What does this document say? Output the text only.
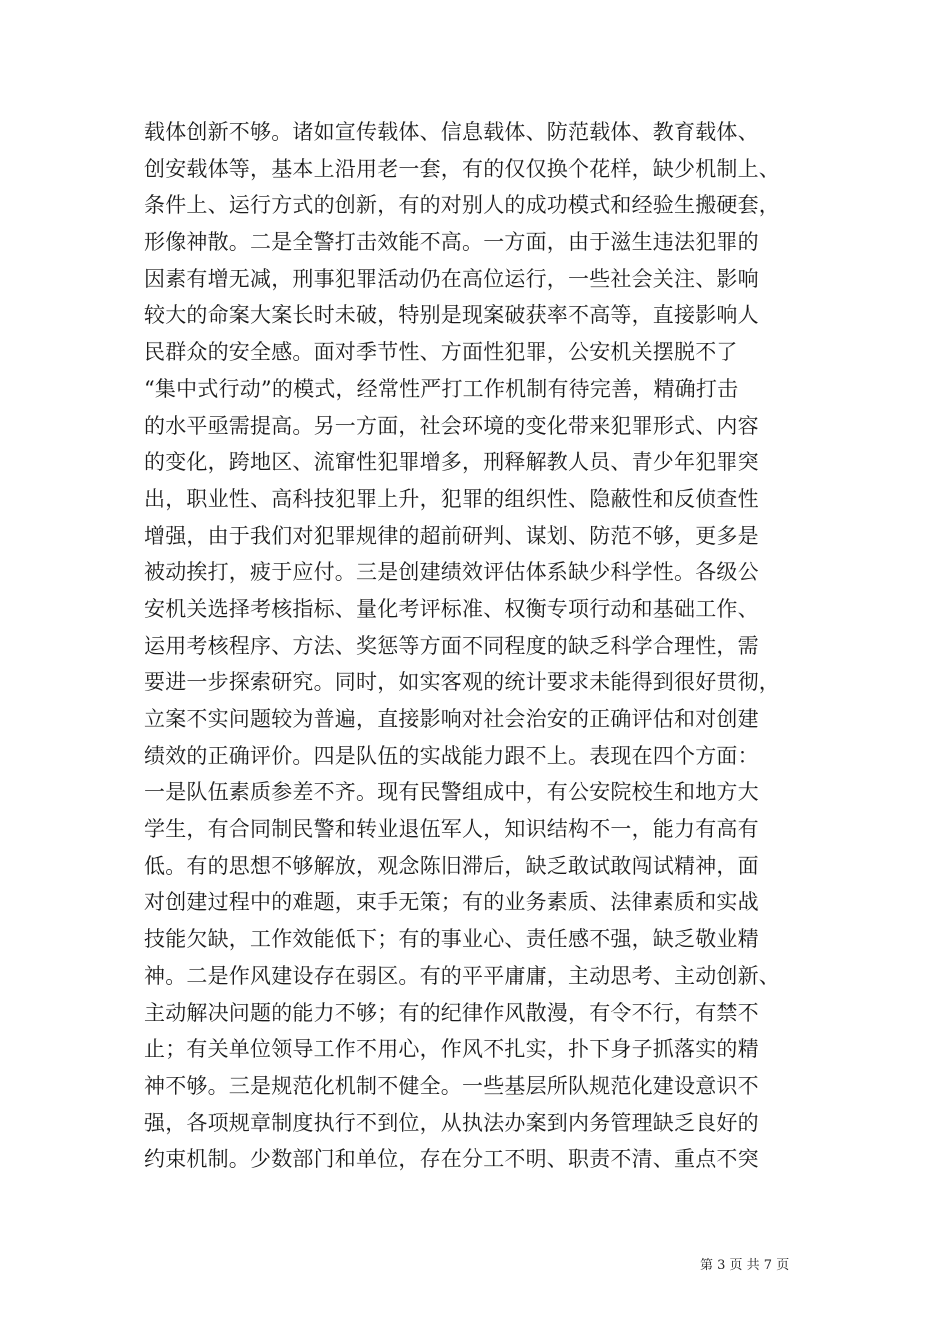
载体创新不够。诸如宣传载体、信息载体、防范载体、教育载体、
创安载体等，基本上沿用老一套，有的仅仅换个花样，缺少机制上、
条件上、运行方式的创新，有的对别人的成功模式和经验生搬硬套，
形像神散。二是全警打击效能不高。一方面，由于滋生违法犯罪的
因素有增无减，刑事犯罪活动仍在高位运行，一些社会关注、影响
较大的命案大案长时未破，特别是现案破获率不高等，直接影响人
民群众的安全感。面对季节性、方面性犯罪，公安机关摆脱不了
“集中式行动”的模式，经常性严打工作机制有待完善，精确打击
的水平亟需提高。另一方面，社会环境的变化带来犯罪形式、内容
的变化，跨地区、流窜性犯罪增多，刑释解教人员、青少年犯罪突
出，职业性、高科技犯罪上升，犯罪的组织性、隐蔽性和反侦查性
增强，由于我们对犯罪规律的超前研判、谋划、防范不够，更多是
被动挨打，疲于应付。三是创建绩效评估体系缺少科学性。各级公
安机关选择考核指标、量化考评标准、权衡专项行动和基础工作、
运用考核程序、方法、奖惩等方面不同程度的缺乏科学合理性，需
要进一步探索研究。同时，如实客观的统计要求未能得到很好贯彻，
立案不实问题较为普遍，直接影响对社会治安的正确评估和对创建
绩效的正确评价。四是队伍的实战能力跟不上。表现在四个方面：
一是队伍素质参差不齐。现有民警组成中，有公安院校生和地方大
学生，有合同制民警和转业退伍军人，知识结构不一，能力有高有
低。有的思想不够解放，观念陈旧滞后，缺乏敢试敢闯试精神，面
对创建过程中的难题，束手无策；有的业务素质、法律素质和实战
技能欠缺，工作效能低下；有的事业心、责任感不强，缺乏敬业精
神。二是作风建设存在弱区。有的平平庸庸，主动思考、主动创新、
主动解决问题的能力不够；有的纪律作风散漫，有令不行，有禁不
止；有关单位领导工作不用心，作风不扎实，扑下身子抓落实的精
神不够。三是规范化机制不健全。一些基层所队规范化建设意识不
强，各项规章制度执行不到位，从执法办案到内务管理缺乏良好的
约束机制。少数部门和单位，存在分工不明、职责不清、重点不突
第 3 页 共 7 页
